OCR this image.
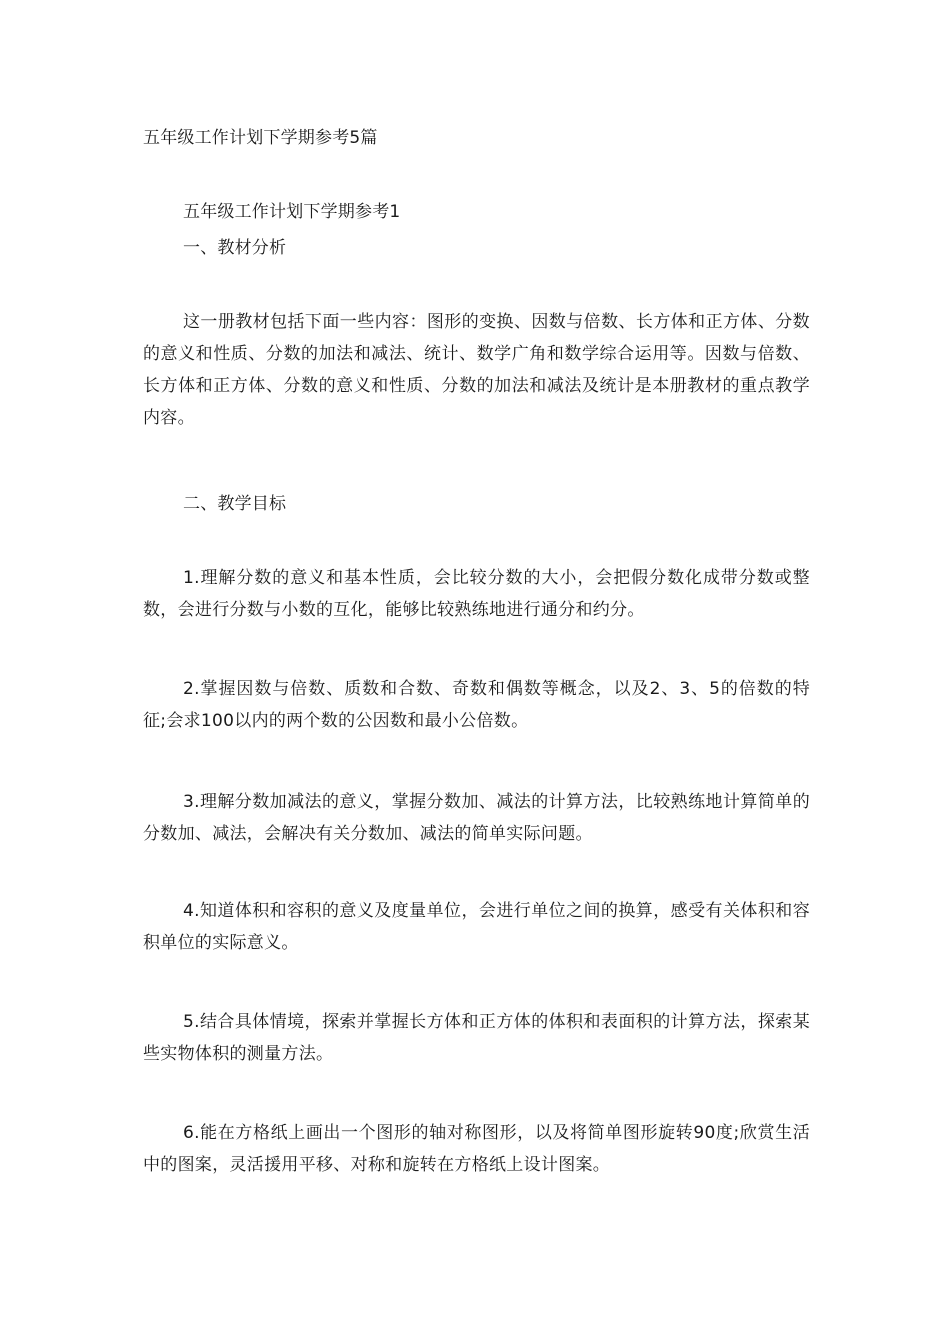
五年级工作计划下学期参考5篇
五年级工作计划下学期参考1
一、教材分析
这一册教材包括下面一些内容：图形的变换、因数与倍数、长方体和正方体、分数的意义和性质、分数的加法和减法、统计、数学广角和数学综合运用等。因数与倍数、长方体和正方体、分数的意义和性质、分数的加法和减法及统计是本册教材的重点教学内容。
二、教学目标
1.理解分数的意义和基本性质，会比较分数的大小，会把假分数化成带分数或整数，会进行分数与小数的互化，能够比较熟练地进行通分和约分。
2.掌握因数与倍数、质数和合数、奇数和偶数等概念，以及2、3、5的倍数的特征;会求100以内的两个数的公因数和最小公倍数。
3.理解分数加减法的意义，掌握分数加、减法的计算方法，比较熟练地计算简单的分数加、减法，会解决有关分数加、减法的简单实际问题。
4.知道体积和容积的意义及度量单位，会进行单位之间的换算，感受有关体积和容积单位的实际意义。
5.结合具体情境，探索并掌握长方体和正方体的体积和表面积的计算方法，探索某些实物体积的测量方法。
6.能在方格纸上画出一个图形的轴对称图形，以及将简单图形旋转90度;欣赏生活中的图案，灵活援用平移、对称和旋转在方格纸上设计图案。
